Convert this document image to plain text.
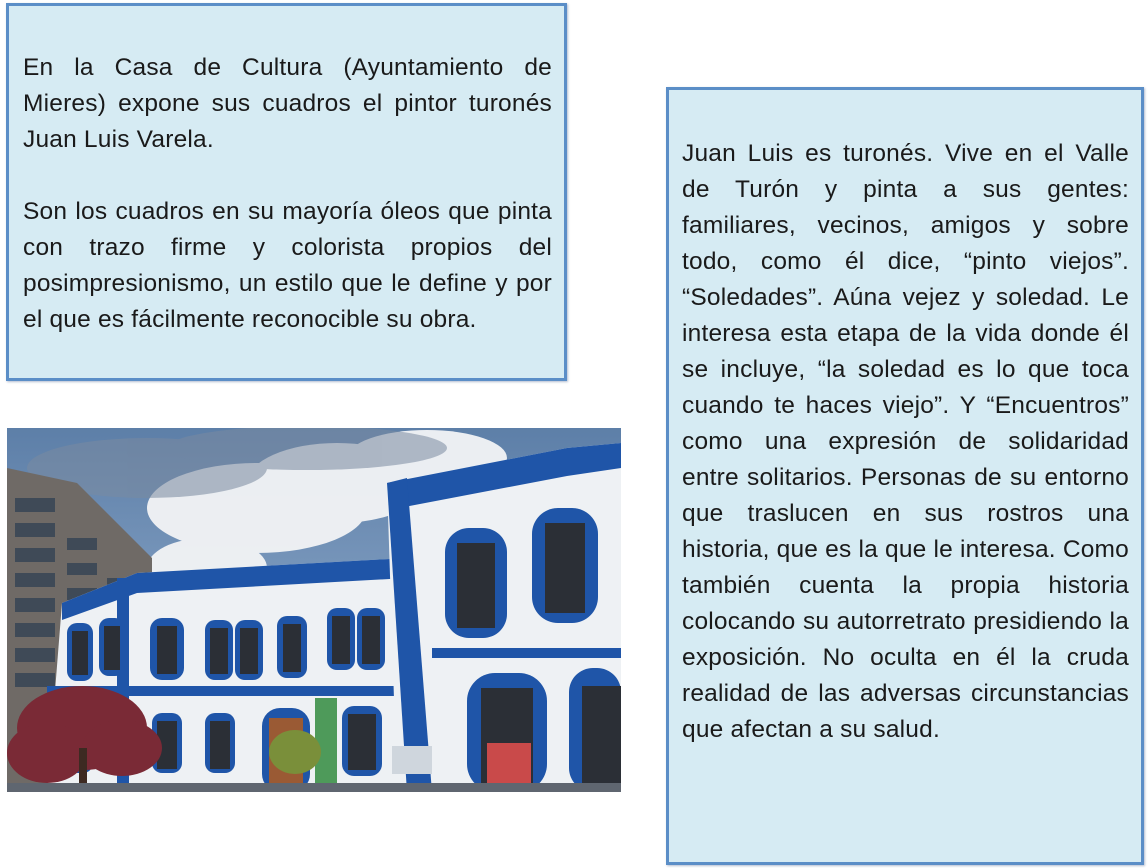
En la Casa de Cultura (Ayuntamiento de Mieres) expone sus cuadros el pintor turonés Juan Luis Varela.

Son los cuadros en su mayoría óleos que pinta con trazo firme y colorista propios del posimpresionismo, un estilo que le define y por el que es fácilmente reconocible su obra.

Juan Luis es turonés. Vive en el Valle de Turón y pinta a sus gentes: familiares, vecinos, amigos y sobre todo, como él dice, “pinto viejos”. “Soledades”. Aúna vejez y soledad. Le interesa esta etapa de la vida donde él se incluye, “la soledad es lo que toca cuando te haces viejo”. Y “Encuentros” como una expresión de solidaridad entre solitarios. Personas de su entorno que traslucen en sus rostros una historia, que es la que le interesa. Como también cuenta la propia historia colocando su autorretrato presidiendo la exposición. No oculta en él la cruda realidad de las adversas circunstancias que afectan a su salud.
